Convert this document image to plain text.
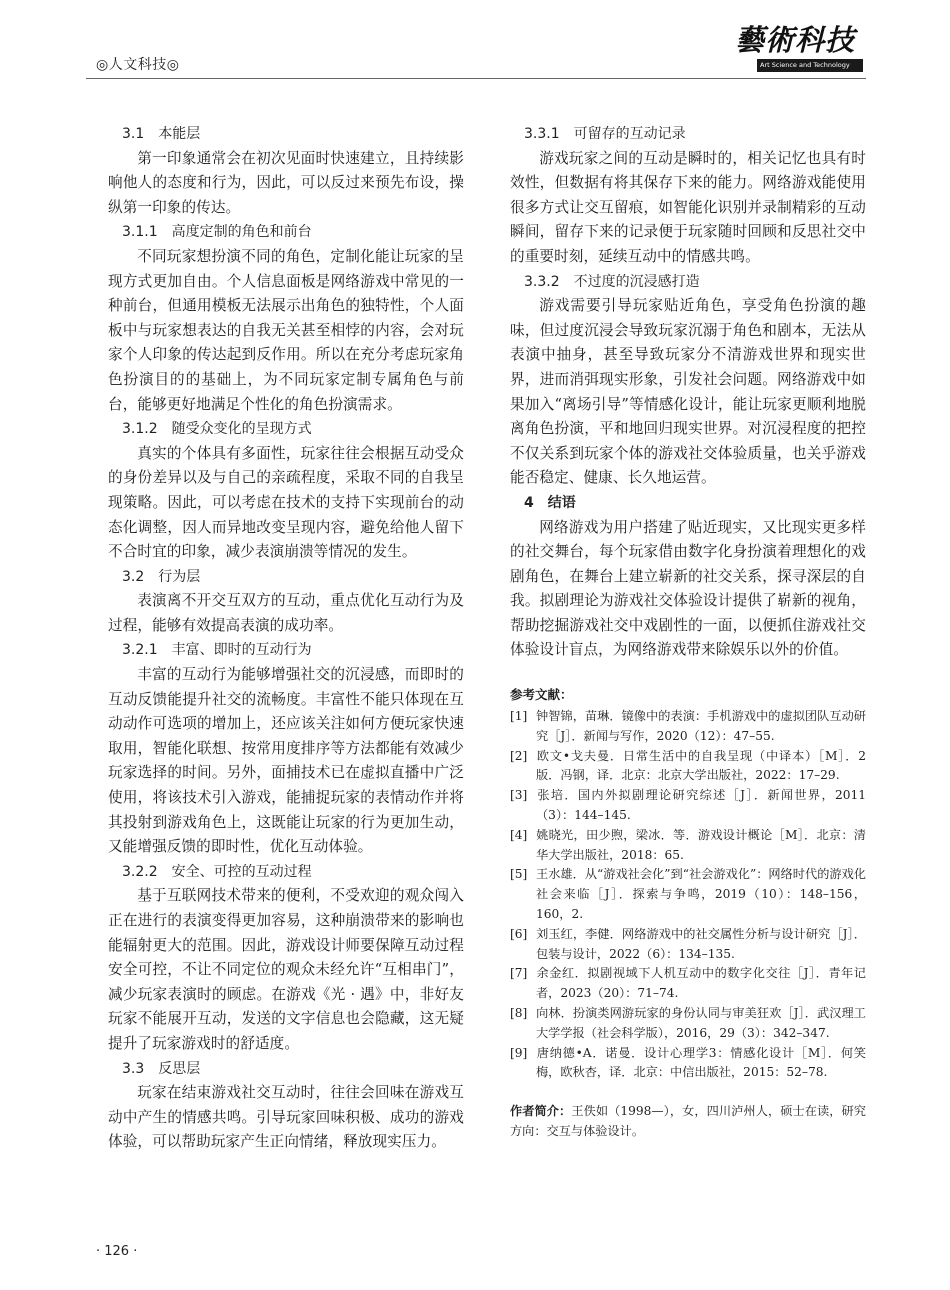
◎人文科技◎
藝術科技
Art Science and Technology

3.1　本能层

第一印象通常会在初次见面时快速建立，且持续影响他人的态度和行为，因此，可以反过来预先布设，操纵第一印象的传达。

3.1.1　高度定制的角色和前台

不同玩家想扮演不同的角色，定制化能让玩家的呈现方式更加自由。个人信息面板是网络游戏中常见的一种前台，但通用模板无法展示出角色的独特性，个人面板中与玩家想表达的自我无关甚至相悖的内容，会对玩家个人印象的传达起到反作用。所以在充分考虑玩家角色扮演目的的基础上，为不同玩家定制专属角色与前台，能够更好地满足个性化的角色扮演需求。

3.1.2　随受众变化的呈现方式

真实的个体具有多面性，玩家往往会根据互动受众的身份差异以及与自己的亲疏程度，采取不同的自我呈现策略。因此，可以考虑在技术的支持下实现前台的动态化调整，因人而异地改变呈现内容，避免给他人留下不合时宜的印象，减少表演崩溃等情况的发生。

3.2　行为层

表演离不开交互双方的互动，重点优化互动行为及过程，能够有效提高表演的成功率。

3.2.1　丰富、即时的互动行为

丰富的互动行为能够增强社交的沉浸感，而即时的互动反馈能提升社交的流畅度。丰富性不能只体现在互动动作可选项的增加上，还应该关注如何方便玩家快速取用，智能化联想、按常用度排序等方法都能有效减少玩家选择的时间。另外，面捕技术已在虚拟直播中广泛使用，将该技术引入游戏，能捕捉玩家的表情动作并将其投射到游戏角色上，这既能让玩家的行为更加生动，又能增强反馈的即时性，优化互动体验。

3.2.2　安全、可控的互动过程

基于互联网技术带来的便利，不受欢迎的观众闯入正在进行的表演变得更加容易，这种崩溃带来的影响也能辐射更大的范围。因此，游戏设计师要保障互动过程安全可控，不让不同定位的观众未经允许“互相串门”，减少玩家表演时的顾虑。在游戏《光 · 遇》中，非好友玩家不能展开互动，发送的文字信息也会隐藏，这无疑提升了玩家游戏时的舒适度。

3.3　反思层

玩家在结束游戏社交互动时，往往会回味在游戏互动中产生的情感共鸣。引导玩家回味积极、成功的游戏体验，可以帮助玩家产生正向情绪，释放现实压力。

3.3.1　可留存的互动记录

游戏玩家之间的互动是瞬时的，相关记忆也具有时效性，但数据有将其保存下来的能力。网络游戏能使用很多方式让交互留痕，如智能化识别并录制精彩的互动瞬间，留存下来的记录便于玩家随时回顾和反思社交中的重要时刻，延续互动中的情感共鸣。

3.3.2　不过度的沉浸感打造

游戏需要引导玩家贴近角色，享受角色扮演的趣味，但过度沉浸会导致玩家沉溺于角色和剧本，无法从表演中抽身，甚至导致玩家分不清游戏世界和现实世界，进而消弭现实形象，引发社会问题。网络游戏中如果加入“离场引导”等情感化设计，能让玩家更顺利地脱离角色扮演，平和地回归现实世界。对沉浸程度的把控不仅关系到玩家个体的游戏社交体验质量，也关乎游戏能否稳定、健康、长久地运营。

4　结语

网络游戏为用户搭建了贴近现实，又比现实更多样的社交舞台，每个玩家借由数字化身扮演着理想化的戏剧角色，在舞台上建立崭新的社交关系，探寻深层的自我。拟剧理论为游戏社交体验设计提供了崭新的视角，帮助挖掘游戏社交中戏剧性的一面，以便抓住游戏社交体验设计盲点，为网络游戏带来除娱乐以外的价值。

参考文献：

[1] 钟智锦，苗琳．镜像中的表演：手机游戏中的虚拟团队互动研究［J］．新闻与写作，2020（12）：47–55.

[2] 欧文•戈夫曼．日常生活中的自我呈现（中译本）［M］．2版．冯钢，译．北京：北京大学出版社，2022：17–29.

[3] 张培．国内外拟剧理论研究综述［J］．新闻世界，2011（3）：144–145.

[4] 姚晓光，田少煦，梁冰．等．游戏设计概论［M］．北京：清华大学出版社，2018：65.

[5] 王水雄．从“游戏社会化”到“社会游戏化”：网络时代的游戏化社会来临［J］．探索与争鸣，2019（10）：148–156，160，2.

[6] 刘玉红，李健．网络游戏中的社交属性分析与设计研究［J］．包装与设计，2022（6）：134–135.

[7] 余金红．拟剧视域下人机互动中的数字化交往［J］．青年记者，2023（20）：71–74.

[8] 向林．扮演类网游玩家的身份认同与审美狂欢［J］．武汉理工大学学报（社会科学版），2016，29（3）：342–347.

[9] 唐纳德•A．诺曼．设计心理学3：情感化设计［M］．何笑梅，欧秋杏，译．北京：中信出版社，2015：52–78.

作者简介：王佚如（1998—），女，四川泸州人，硕士在读，研究方向：交互与体验设计。
· 126 ·
